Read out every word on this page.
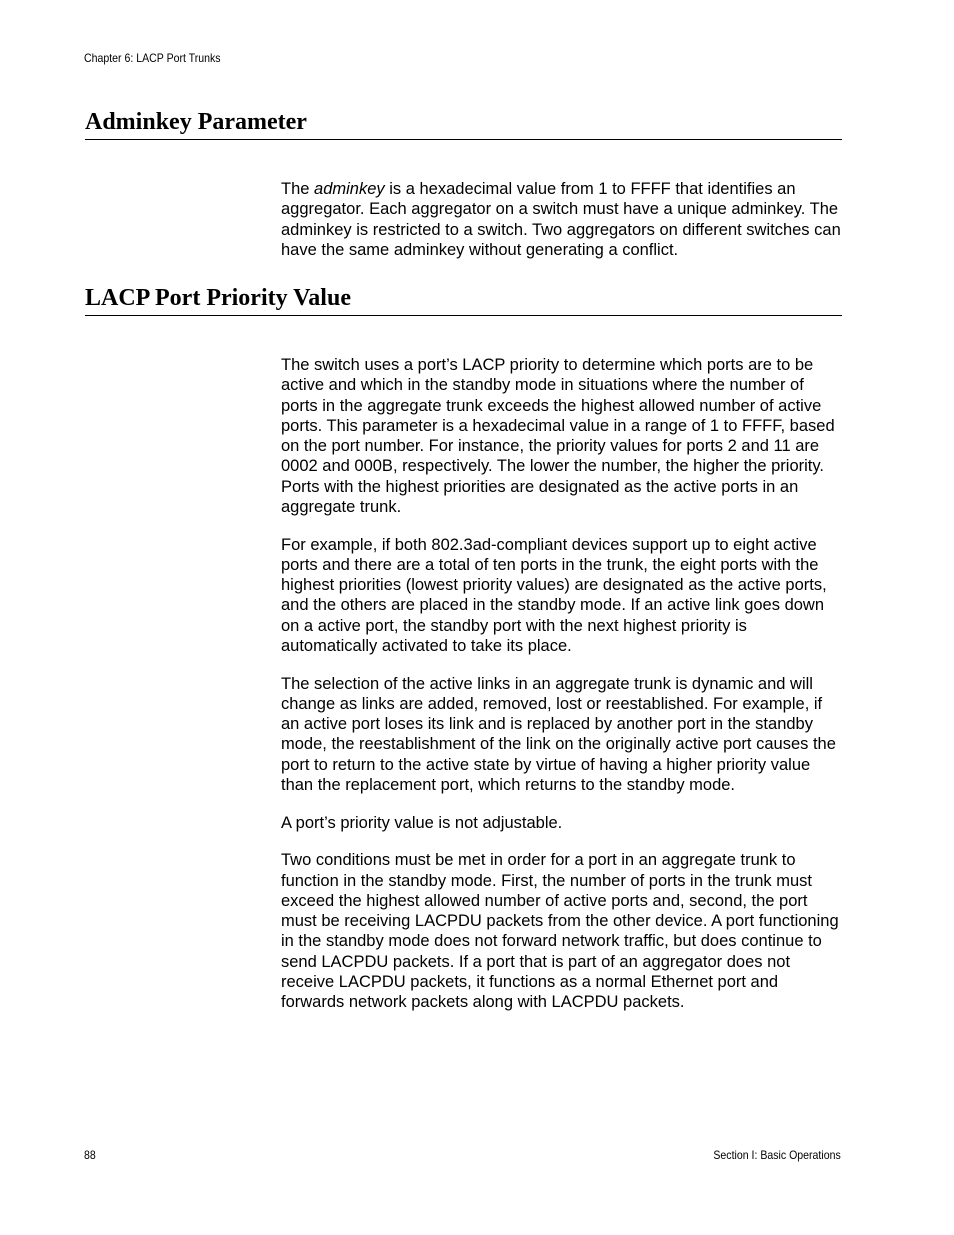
Chapter 6: LACP Port Trunks
Adminkey Parameter

The adminkey is a hexadecimal value from 1 to FFFF that identifies an aggregator. Each aggregator on a switch must have a unique adminkey. The adminkey is restricted to a switch. Two aggregators on different switches can have the same adminkey without generating a conflict.

LACP Port Priority Value

The switch uses a port’s LACP priority to determine which ports are to be active and which in the standby mode in situations where the number of ports in the aggregate trunk exceeds the highest allowed number of active ports. This parameter is a hexadecimal value in a range of 1 to FFFF, based on the port number. For instance, the priority values for ports 2 and 11 are 0002 and 000B, respectively. The lower the number, the higher the priority. Ports with the highest priorities are designated as the active ports in an aggregate trunk.

For example, if both 802.3ad-compliant devices support up to eight active ports and there are a total of ten ports in the trunk, the eight ports with the highest priorities (lowest priority values) are designated as the active ports, and the others are placed in the standby mode. If an active link goes down on a active port, the standby port with the next highest priority is automatically activated to take its place.

The selection of the active links in an aggregate trunk is dynamic and will change as links are added, removed, lost or reestablished. For example, if an active port loses its link and is replaced by another port in the standby mode, the reestablishment of the link on the originally active port causes the port to return to the active state by virtue of having a higher priority value than the replacement port, which returns to the standby mode.

A port’s priority value is not adjustable.

Two conditions must be met in order for a port in an aggregate trunk to function in the standby mode. First, the number of ports in the trunk must exceed the highest allowed number of active ports and, second, the port must be receiving LACPDU packets from the other device. A port functioning in the standby mode does not forward network traffic, but does continue to send LACPDU packets. If a port that is part of an aggregator does not receive LACPDU packets, it functions as a normal Ethernet port and forwards network packets along with LACPDU packets.

88	Section I: Basic Operations
